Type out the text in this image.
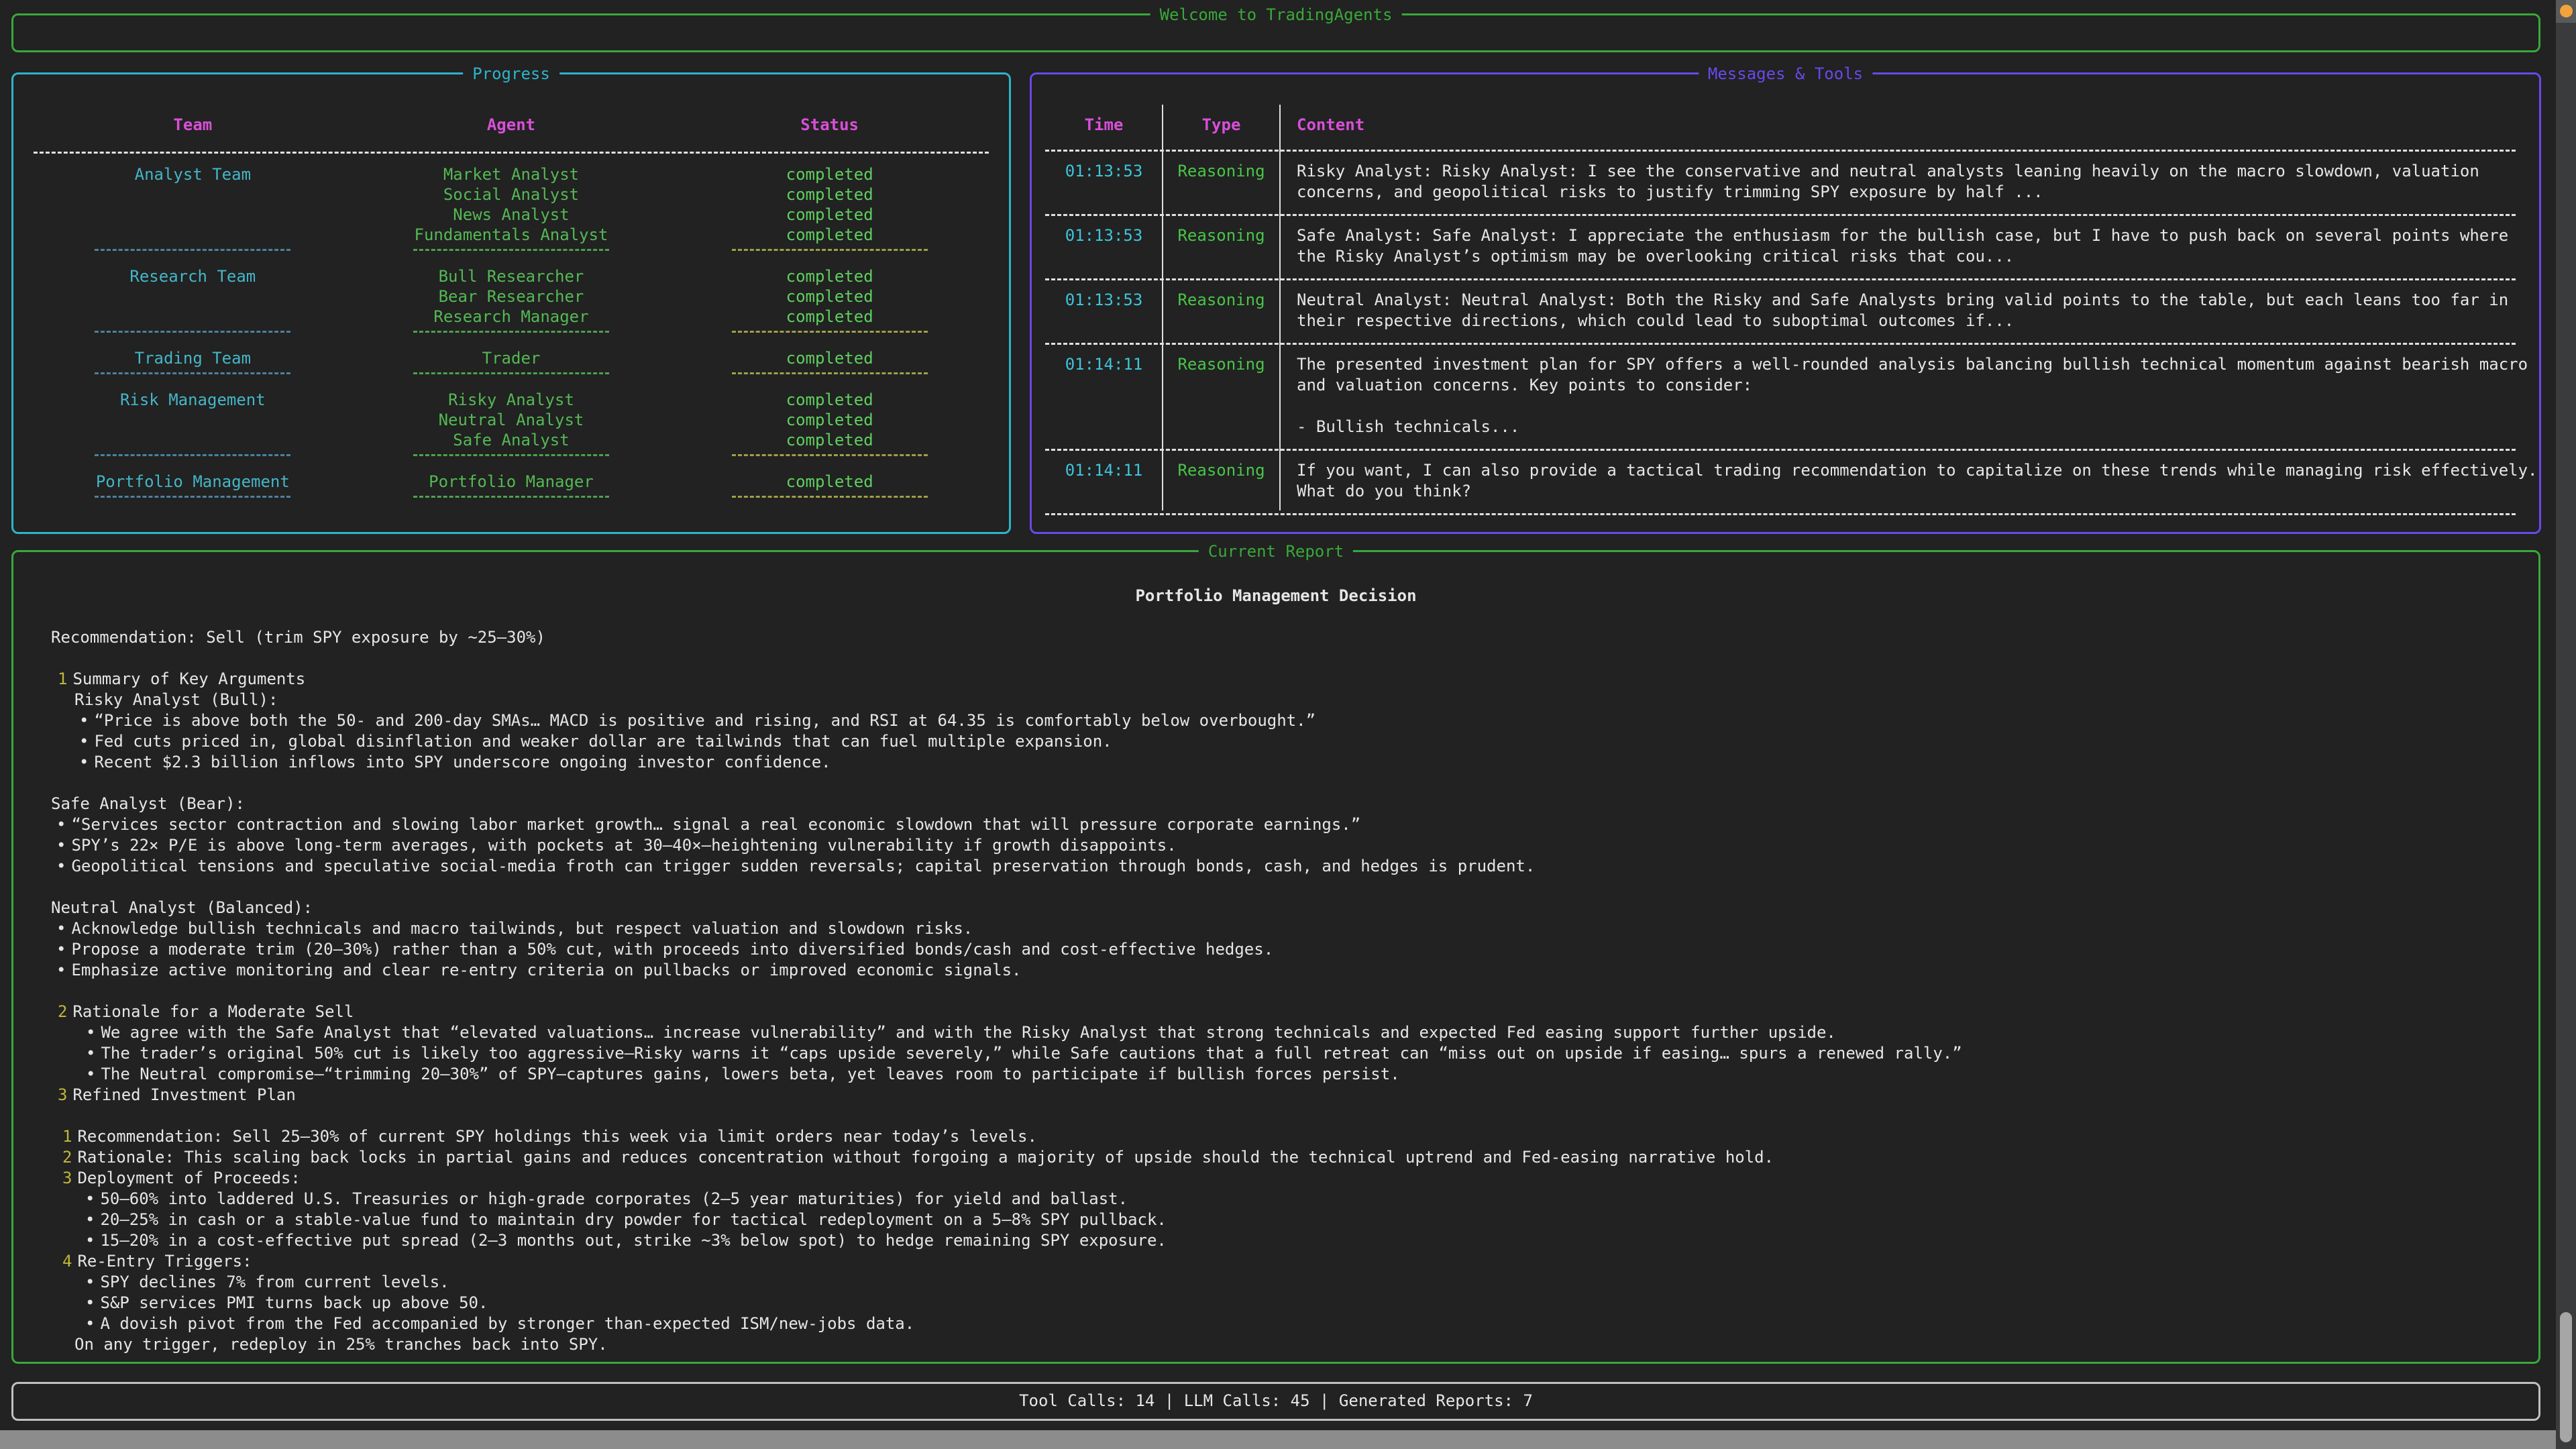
Welcome to TradingAgents
Progress
Team	Agent	Status
Analyst Team	Market Analyst	completed
Social Analyst	completed
News Analyst	completed
Fundamentals Analyst	completed
Research Team	Bull Researcher	completed
Bear Researcher	completed
Research Manager	completed
Trading Team	Trader	completed
Risk Management	Risky Analyst	completed
Neutral Analyst	completed
Safe Analyst	completed
Portfolio Management	Portfolio Manager	completed
Messages & Tools
Time	Type	Content
01:13:53	Reasoning	Risky Analyst: Risky Analyst: I see the conservative and neutral analysts leaning heavily on the macro slowdown, valuation
concerns, and geopolitical risks to justify trimming SPY exposure by half ...
01:13:53	Reasoning	Safe Analyst: Safe Analyst: I appreciate the enthusiasm for the bullish case, but I have to push back on several points where
the Risky Analyst’s optimism may be overlooking critical risks that cou...
01:13:53	Reasoning	Neutral Analyst: Neutral Analyst: Both the Risky and Safe Analysts bring valid points to the table, but each leans too far in
their respective directions, which could lead to suboptimal outcomes if...
01:14:11	Reasoning	The presented investment plan for SPY offers a well-rounded analysis balancing bullish technical momentum against bearish macro
and valuation concerns. Key points to consider:
- Bullish technicals...
01:14:11	Reasoning	If you want, I can also provide a tactical trading recommendation to capitalize on these trends while managing risk effectively.
What do you think?
Current Report
Portfolio Management Decision
Recommendation: Sell (trim SPY exposure by ~25–30%)
1 Summary of Key Arguments
Risky Analyst (Bull):
• “Price is above both the 50- and 200-day SMAs… MACD is positive and rising, and RSI at 64.35 is comfortably below overbought.”
• Fed cuts priced in, global disinflation and weaker dollar are tailwinds that can fuel multiple expansion.
• Recent $2.3 billion inflows into SPY underscore ongoing investor confidence.
Safe Analyst (Bear):
• “Services sector contraction and slowing labor market growth… signal a real economic slowdown that will pressure corporate earnings.”
• SPY’s 22× P/E is above long-term averages, with pockets at 30–40×—heightening vulnerability if growth disappoints.
• Geopolitical tensions and speculative social-media froth can trigger sudden reversals; capital preservation through bonds, cash, and hedges is prudent.
Neutral Analyst (Balanced):
• Acknowledge bullish technicals and macro tailwinds, but respect valuation and slowdown risks.
• Propose a moderate trim (20–30%) rather than a 50% cut, with proceeds into diversified bonds/cash and cost-effective hedges.
• Emphasize active monitoring and clear re-entry criteria on pullbacks or improved economic signals.
2 Rationale for a Moderate Sell
• We agree with the Safe Analyst that “elevated valuations… increase vulnerability” and with the Risky Analyst that strong technicals and expected Fed easing support further upside.
• The trader’s original 50% cut is likely too aggressive—Risky warns it “caps upside severely,” while Safe cautions that a full retreat can “miss out on upside if easing… spurs a renewed rally.”
• The Neutral compromise—“trimming 20–30%” of SPY—captures gains, lowers beta, yet leaves room to participate if bullish forces persist.
3 Refined Investment Plan
1 Recommendation: Sell 25–30% of current SPY holdings this week via limit orders near today’s levels.
2 Rationale: This scaling back locks in partial gains and reduces concentration without forgoing a majority of upside should the technical uptrend and Fed-easing narrative hold.
3 Deployment of Proceeds:
• 50–60% into laddered U.S. Treasuries or high-grade corporates (2–5 year maturities) for yield and ballast.
• 20–25% in cash or a stable-value fund to maintain dry powder for tactical redeployment on a 5–8% SPY pullback.
• 15–20% in a cost-effective put spread (2–3 months out, strike ~3% below spot) to hedge remaining SPY exposure.
4 Re-Entry Triggers:
• SPY declines 7% from current levels.
• S&P services PMI turns back up above 50.
• A dovish pivot from the Fed accompanied by stronger than-expected ISM/new-jobs data.
On any trigger, redeploy in 25% tranches back into SPY.
Tool Calls: 14 | LLM Calls: 45 | Generated Reports: 7
